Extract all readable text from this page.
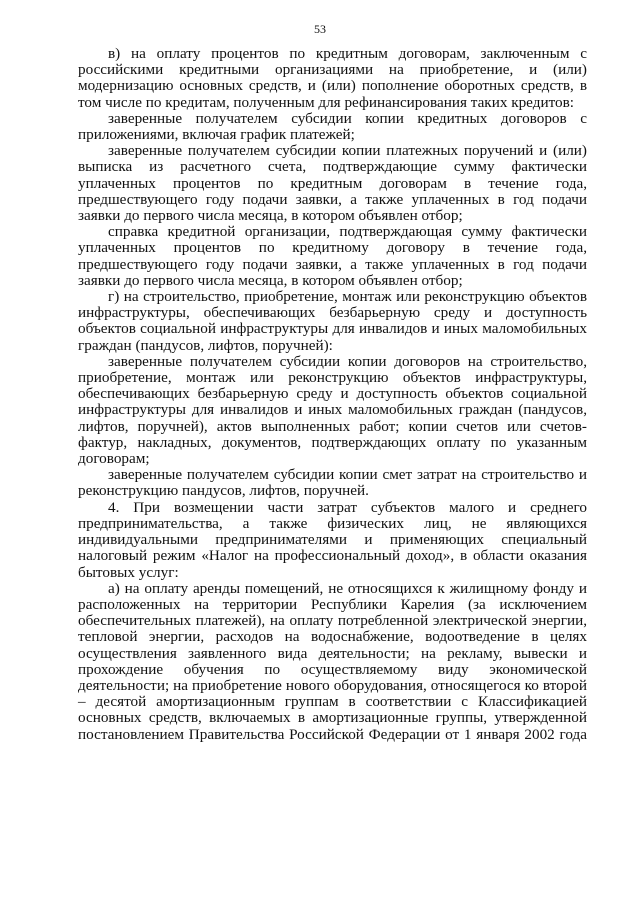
53

в) на оплату процентов по кредитным договорам, заключенным с российскими кредитными организациями на приобретение, и (или) модернизацию основных средств, и (или) пополнение оборотных средств, в том числе по кредитам, полученным для рефинансирования таких кредитов:

заверенные получателем субсидии копии кредитных договоров с приложениями, включая график платежей;

заверенные получателем субсидии копии платежных поручений и (или) выписка из расчетного счета, подтверждающие сумму фактически уплаченных процентов по кредитным договорам в течение года, предшествующего году подачи заявки, а также уплаченных в год подачи заявки до первого числа месяца, в котором объявлен отбор;

справка кредитной организации, подтверждающая сумму фактически уплаченных процентов по кредитному договору в течение года, предшествующего году подачи заявки, а также уплаченных в год подачи заявки до первого числа месяца, в котором объявлен отбор;

г) на строительство, приобретение, монтаж или реконструкцию объектов инфраструктуры, обеспечивающих безбарьерную среду и доступность объектов социальной инфраструктуры для инвалидов и иных маломобильных граждан (пандусов, лифтов, поручней):

заверенные получателем субсидии копии договоров на строительство, приобретение, монтаж или реконструкцию объектов инфраструктуры, обеспечивающих безбарьерную среду и доступность объектов социальной инфраструктуры для инвалидов и иных маломобильных граждан (пандусов, лифтов, поручней), актов выполненных работ; копии счетов или счетов-фактур, накладных, документов, подтверждающих оплату по указанным договорам;

заверенные получателем субсидии копии смет затрат на строительство и реконструкцию пандусов, лифтов, поручней.

4. При возмещении части затрат субъектов малого и среднего предпринимательства, а также физических лиц, не являющихся индивидуальными предпринимателями и применяющих специальный налоговый режим «Налог на профессиональный доход», в области оказания бытовых услуг:

а) на оплату аренды помещений, не относящихся к жилищному фонду и расположенных на территории Республики Карелия (за исключением обеспечительных платежей), на оплату потребленной электрической энергии, тепловой энергии, расходов на водоснабжение, водоотведение в целях осуществления заявленного вида деятельности; на рекламу, вывески и прохождение обучения по осуществляемому виду экономической деятельности; на приобретение нового оборудования, относящегося ко второй – десятой амортизационным группам в соответствии с Классификацией основных средств, включаемых в амортизационные группы, утвержденной постановлением Правительства Российской Федерации от 1 января 2002 года
